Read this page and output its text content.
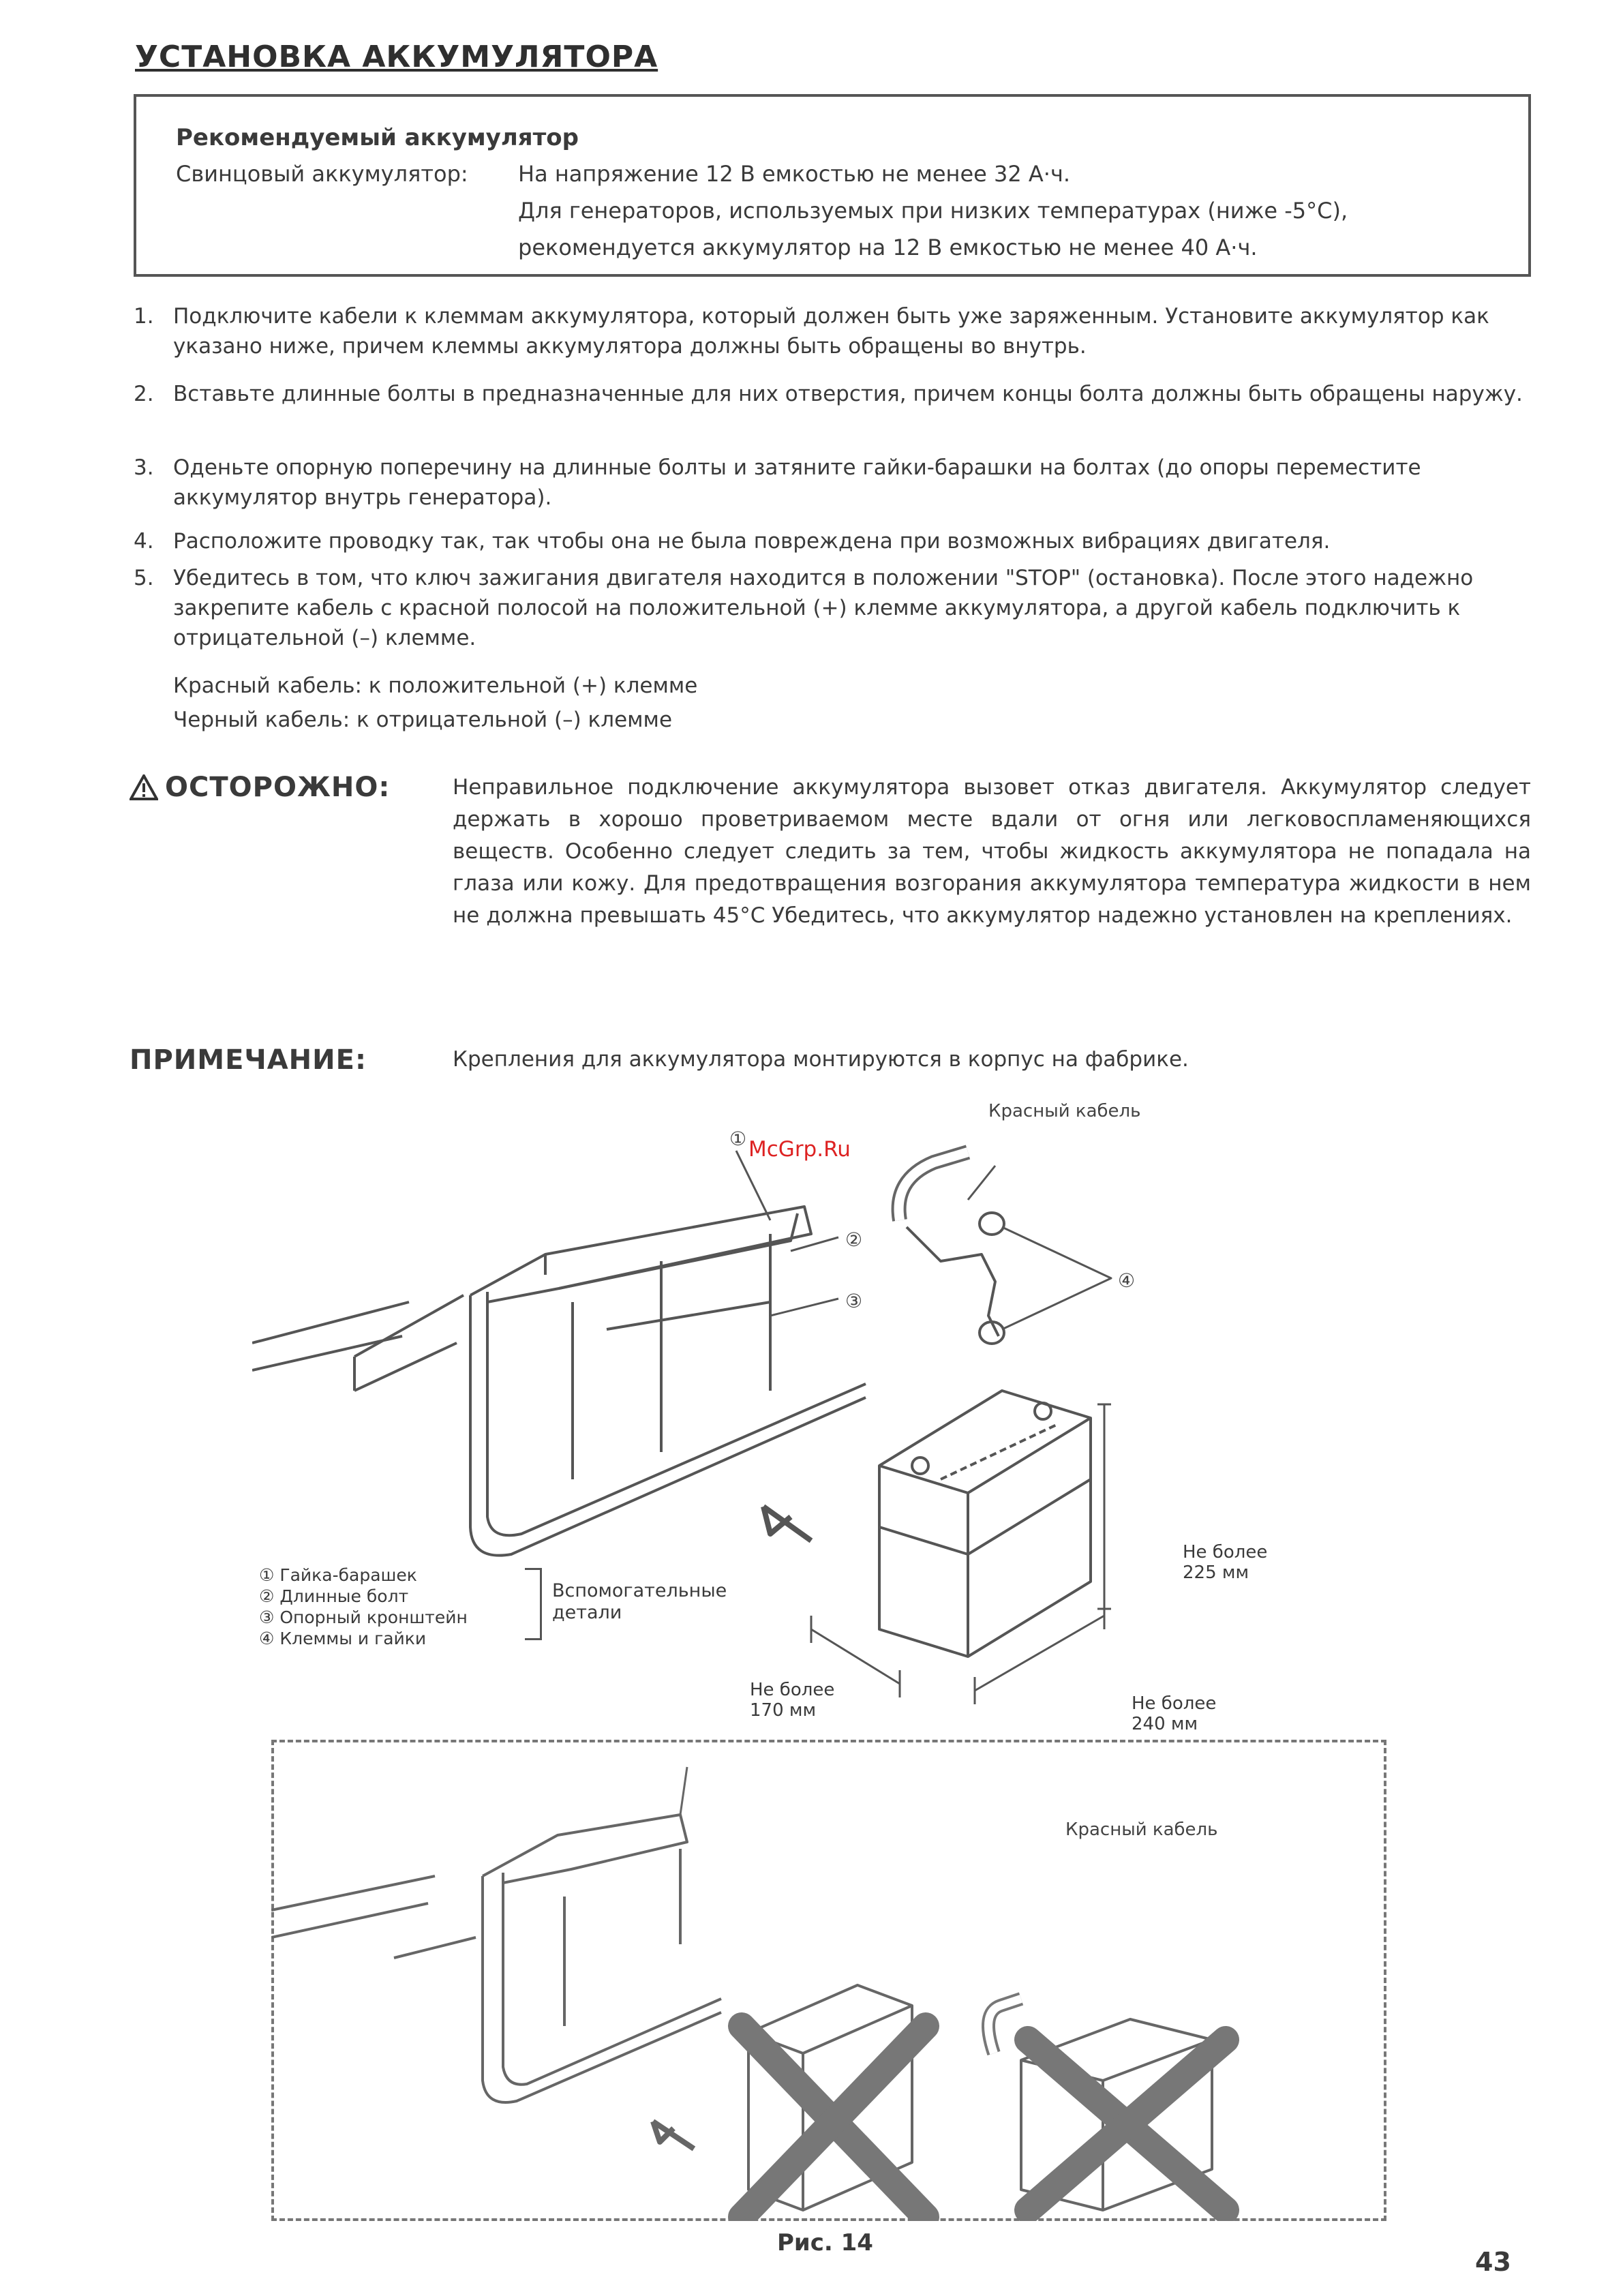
УСТАНОВКА АККУМУЛЯТОРА
Рекомендуемый аккумулятор
Свинцовый аккумулятор: На напряжение 12 В емкостью не менее 32 А·ч.
Для генераторов, используемых при низких температурах (ниже -5°С),
рекомендуется аккумулятор на 12 В емкостью не менее 40 А·ч.
1. Подключите кабели к клеммам аккумулятора, который должен быть уже заряженным. Установите аккумулятор как указано ниже, причем клеммы аккумулятора должны быть обращены во внутрь.
2. Вставьте длинные болты в предназначенные для них отверстия, причем концы болта должны быть обращены наружу.
3. Оденьте опорную поперечину на длинные болты и затяните гайки-барашки на болтах (до опоры переместите аккумулятор внутрь генератора).
4. Расположите проводку так, так чтобы она не была повреждена при возможных вибрациях двигателя.
5. Убедитесь в том, что ключ зажигания двигателя находится в положении "STOP" (остановка). После этого надежно закрепите кабель с красной полосой на положительной (+) клемме аккумулятора, а другой кабель подключить к отрицательной (–) клемме.
Красный кабель: к положительной (+) клемме
Черный кабель: к отрицательной (–) клемме
ОСТОРОЖНО:	Неправильное подключение аккумулятора вызовет отказ двигателя. Аккумулятор следует держать в хорошо проветриваемом месте вдали от огня или легковоспламеняющихся веществ. Особенно следует следить за тем, чтобы жидкость аккумулятора не попадала на глаза или кожу. Для предотвращения возгорания аккумулятора температура жидкости в нем не должна превышать 45°С Убедитесь, что аккумулятор надежно установлен на креплениях.
ПРИМЕЧАНИЕ:	Крепления для аккумулятора монтируются в корпус на фабрике.
McGrp.Ru
①
②
③
④
Красный кабель
① Гайка-барашек
② Длинные болт
③ Опорный кронштейн
④ Клеммы и гайки
Вспомогательные детали
Не более 225 мм
Не более 170 мм	Не более 240 мм
Красный кабель
Рис. 14
43
